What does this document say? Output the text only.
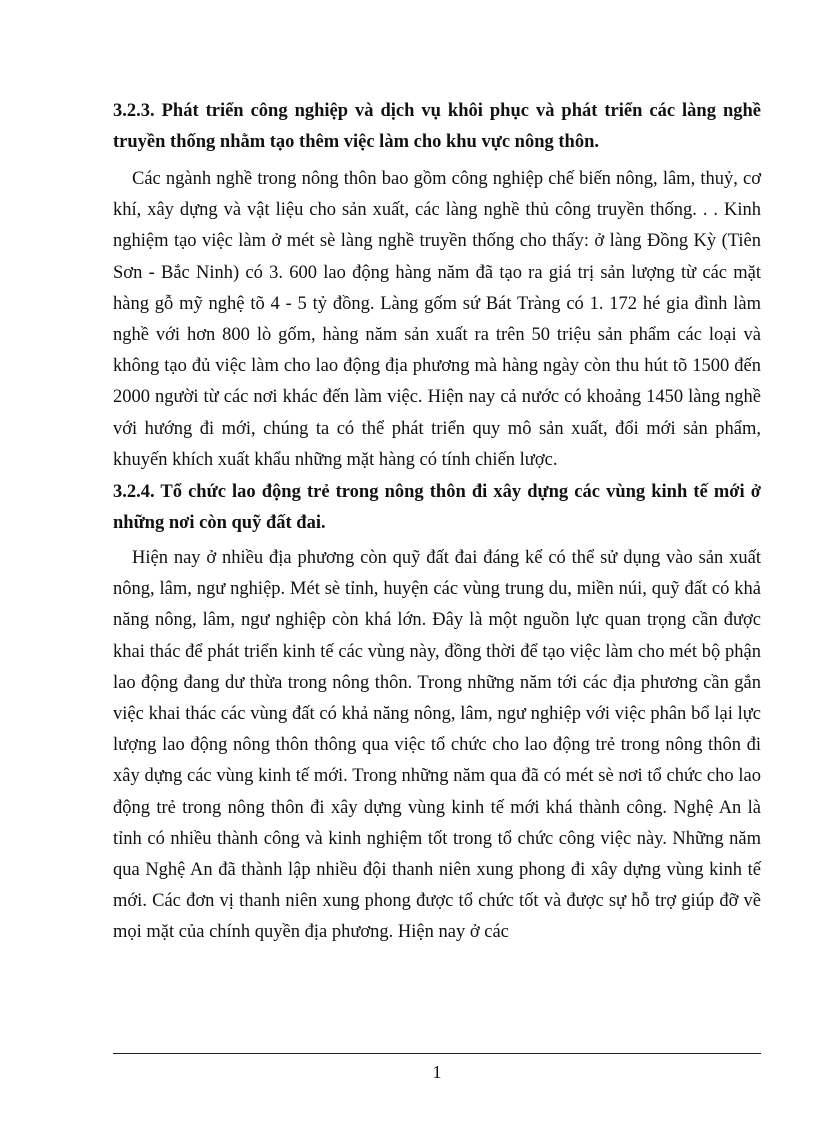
3.2.3. Phát triển công nghiệp và dịch vụ khôi phục và phát triển các làng nghề truyền thống nhằm tạo thêm việc làm cho khu vực nông thôn.

Các ngành nghề trong nông thôn bao gồm công nghiệp chế biến nông, lâm, thuỷ, cơ khí, xây dựng và vật liệu cho sản xuất, các làng nghề thủ công truyền thống. . . Kinh nghiệm tạo việc làm ở mét sè làng nghề truyền thống cho thấy: ở làng Đồng Kỳ (Tiên Sơn - Bắc Ninh) có 3. 600 lao động hàng năm đã tạo ra giá trị sản lượng từ các mặt hàng gỗ mỹ nghệ tõ 4 - 5 tỷ đồng. Làng gốm sứ Bát Tràng có 1. 172 hé gia đình làm nghề với hơn 800 lò gốm, hàng năm sản xuất ra trên 50 triệu sản phẩm các loại và không tạo đủ việc làm cho lao động địa phương mà hàng ngày còn thu hút tõ 1500 đến 2000 người từ các nơi khác đến làm việc. Hiện nay cả nước có khoảng 1450 làng nghề với hướng đi mới, chúng ta có thể phát triển quy mô sản xuất, đổi mới sản phẩm, khuyến khích xuất khẩu những mặt hàng có tính chiến lược.

3.2.4. Tổ chức lao động trẻ trong nông thôn đi xây dựng các vùng kinh tế mới ở những nơi còn quỹ đất đai.

Hiện nay ở nhiều địa phương còn quỹ đất đai đáng kể có thể sử dụng vào sản xuất nông, lâm, ngư nghiệp. Mét sè tỉnh, huyện các vùng trung du, miền núi, quỹ đất có khả năng nông, lâm, ngư nghiệp còn khá lớn. Đây là một nguồn lực quan trọng cần được khai thác để phát triển kinh tế các vùng này, đồng thời để tạo việc làm cho mét bộ phận lao động đang dư thừa trong nông thôn. Trong những năm tới các địa phương cần gắn việc khai thác các vùng đất có khả năng nông, lâm, ngư nghiệp với việc phân bổ lại lực lượng lao động nông thôn thông qua việc tổ chức cho lao động trẻ trong nông thôn đi xây dựng các vùng kinh tế mới. Trong những năm qua đã có mét sè nơi tổ chức cho lao động trẻ trong nông thôn đi xây dựng vùng kinh tế mới khá thành công. Nghệ An là tỉnh có nhiều thành công và kinh nghiệm tốt trong tổ chức công việc này. Những năm qua Nghệ An đã thành lập nhiều đội thanh niên xung phong đi xây dựng vùng kinh tế mới. Các đơn vị thanh niên xung phong được tổ chức tốt và được sự hỗ trợ giúp đỡ về mọi mặt của chính quyền địa phương. Hiện nay ở các

1
